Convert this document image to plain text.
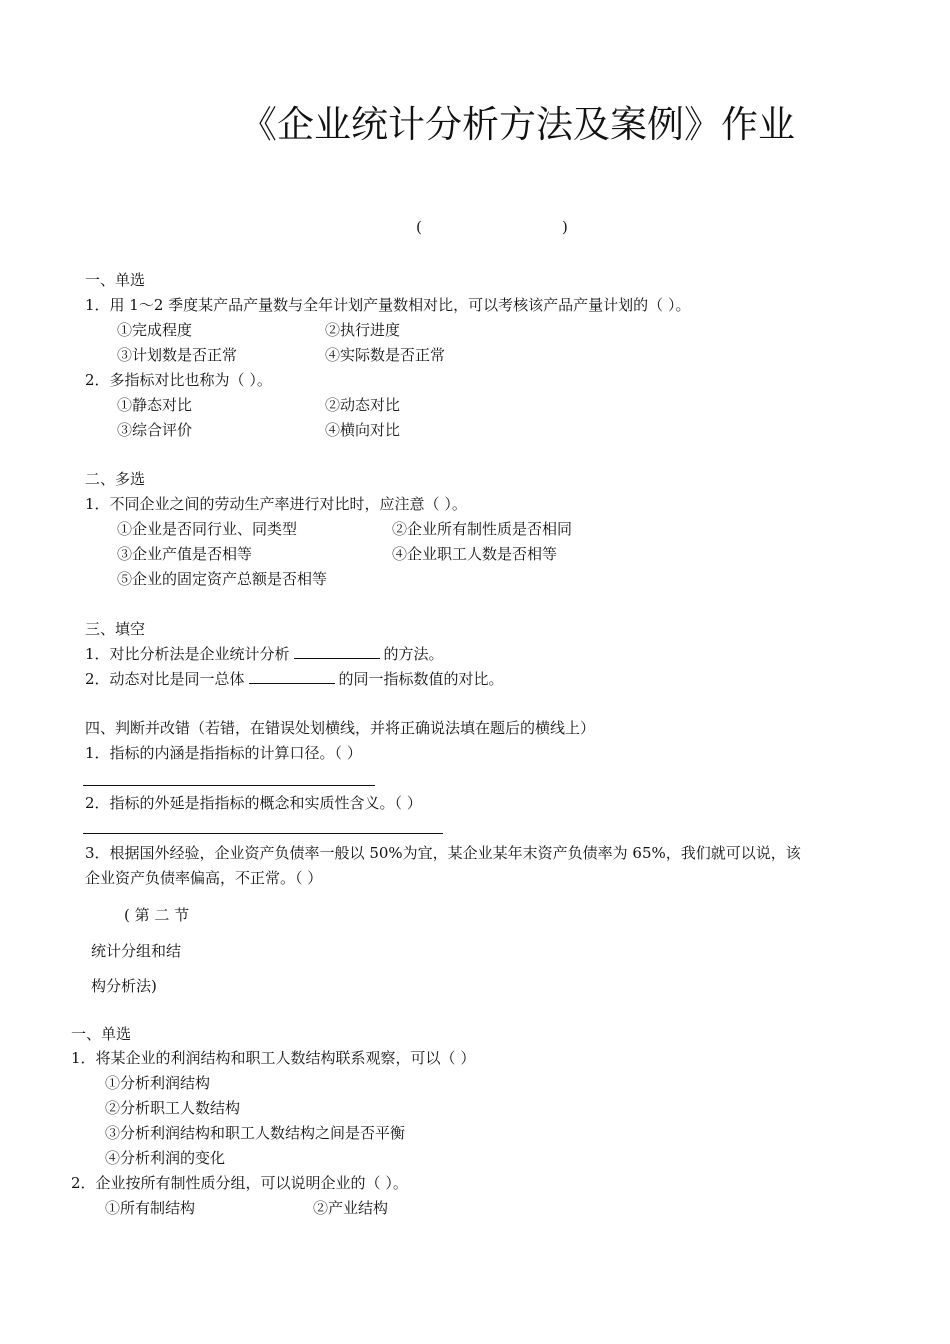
《企业统计分析方法及案例》作业
(	)
一、单选
1．用 1～2 季度某产品产量数与全年计划产量数相对比，可以考核该产品产量计划的（ ）。
①完成程度	②执行进度
③计划数是否正常	④实际数是否正常
2．多指标对比也称为（ ）。
①静态对比	②动态对比
③综合评价	④横向对比
二、多选
1．不同企业之间的劳动生产率进行对比时，应注意（ ）。
①企业是否同行业、同类型	②企业所有制性质是否相同
③企业产值是否相等	④企业职工人数是否相等
⑤企业的固定资产总额是否相等
三、填空
1．对比分析法是企业统计分析	的方法。
2．动态对比是同一总体	的同一指标数值的对比。
四、判断并改错（若错，在错误处划横线，并将正确说法填在题后的横线上）
1．指标的内涵是指指标的计算口径。（ ）
2．指标的外延是指指标的概念和实质性含义。（ ）
3．根据国外经验，企业资产负债率一般以 50%为宜，某企业某年末资产负债率为 65%，我们就可以说，该
企业资产负债率偏高，不正常。（ ）
( 第 二 节
统计分组和结
构分析法)
一、单选
1．将某企业的利润结构和职工人数结构联系观察，可以（ ）
①分析利润结构
②分析职工人数结构
③分析利润结构和职工人数结构之间是否平衡
④分析利润的变化
2．企业按所有制性质分组，可以说明企业的（ ）。
①所有制结构	②产业结构
